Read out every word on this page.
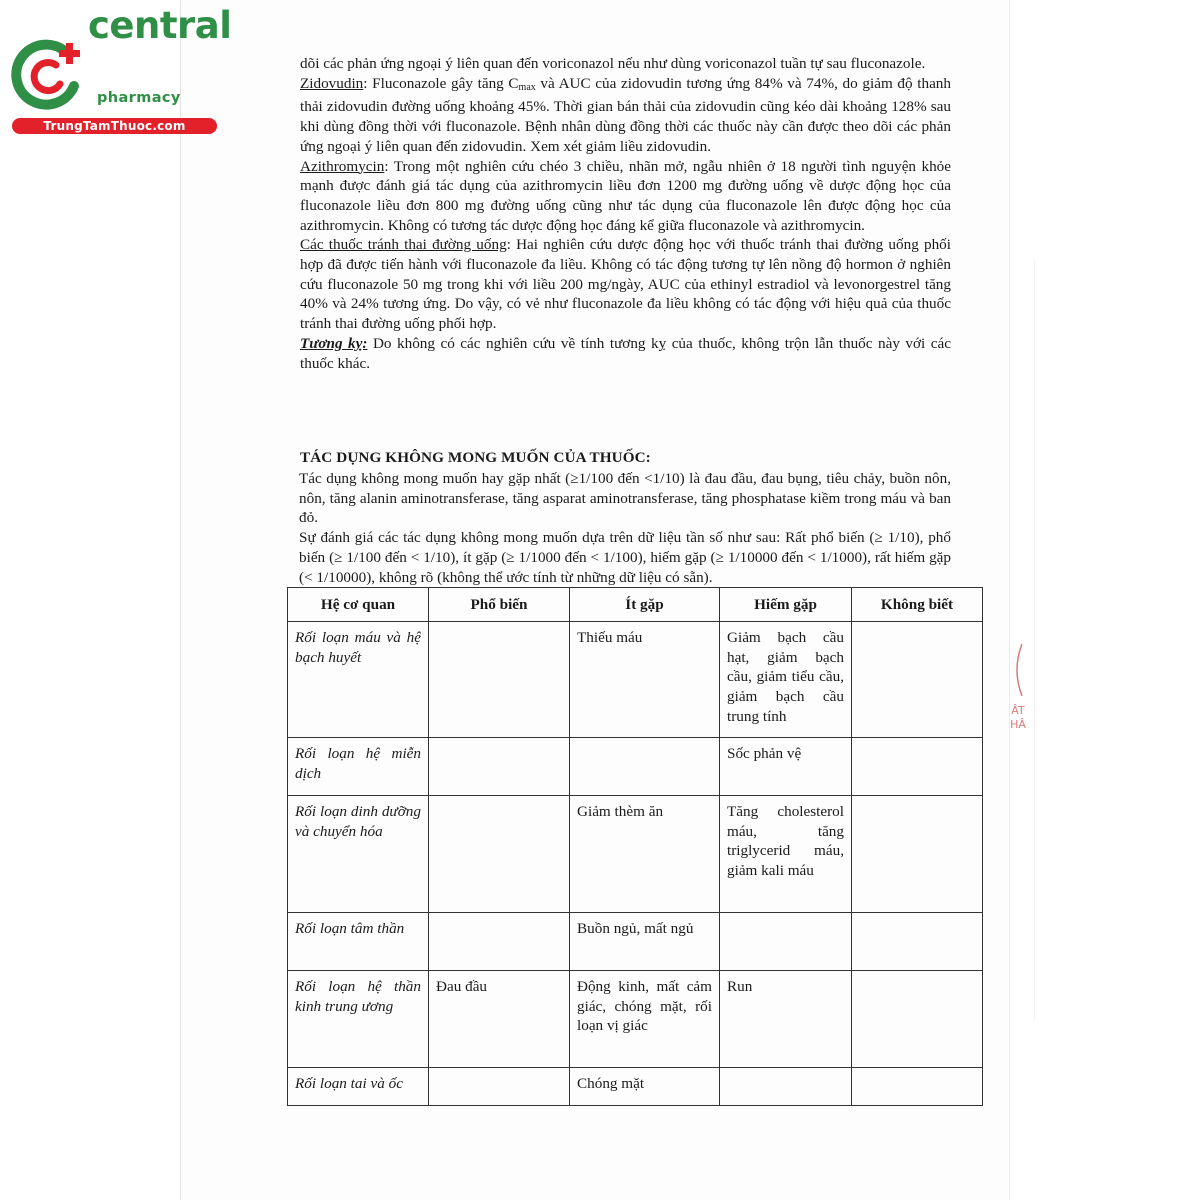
central
pharmacy
TrungTamThuoc.com

dõi các phản ứng ngoại ý liên quan đến voriconazol nếu như dùng voriconazol tuần tự sau fluconazole.

Zidovudin: Fluconazole gây tăng $C_{max}$ và AUC của zidovudin tương ứng 84% và 74%, do giảm độ thanh thải zidovudin đường uống khoảng 45%. Thời gian bán thải của zidovudin cũng kéo dài khoảng 128% sau khi dùng đồng thời với fluconazole. Bệnh nhân dùng đồng thời các thuốc này cần được theo dõi các phản ứng ngoại ý liên quan đến zidovudin. Xem xét giảm liều zidovudin.

Azithromycin: Trong một nghiên cứu chéo 3 chiều, nhãn mở, ngẫu nhiên ở 18 người tình nguyện khỏe mạnh được đánh giá tác dụng của azithromycin liều đơn 1200 mg đường uống về dược động học của fluconazole liều đơn 800 mg đường uống cũng như tác dụng của fluconazole lên được động học của azithromycin. Không có tương tác dược động học đáng kể giữa fluconazole và azithromycin.

Các thuốc tránh thai đường uống: Hai nghiên cứu dược động học với thuốc tránh thai đường uống phối hợp đã được tiến hành với fluconazole đa liều. Không có tác động tương tự lên nồng độ hormon ở nghiên cứu fluconazole 50 mg trong khi với liều 200 mg/ngày, AUC của ethinyl estradiol và levonorgestrel tăng 40% và 24% tương ứng. Do vậy, có vẻ như fluconazole đa liều không có tác động với hiệu quả của thuốc tránh thai đường uống phối hợp.

Tương kỵ: Do không có các nghiên cứu về tính tương kỵ của thuốc, không trộn lẫn thuốc này với các thuốc khác.

TÁC DỤNG KHÔNG MONG MUỐN CỦA THUỐC:

Tác dụng không mong muốn hay gặp nhất (≥1/100 đến <1/10) là đau đầu, đau bụng, tiêu chảy, buồn nôn, nôn, tăng alanin aminotransferase, tăng asparat aminotransferase, tăng phosphatase kiềm trong máu và ban đỏ.

Sự đánh giá các tác dụng không mong muốn dựa trên dữ liệu tần số như sau: Rất phổ biến (≥ 1/10), phổ biến (≥ 1/100 đến < 1/10), ít gặp (≥ 1/1000 đến < 1/100), hiếm gặp (≥ 1/10000 đến < 1/1000), rất hiếm gặp (< 1/10000), không rõ (không thể ước tính từ những dữ liệu có sẵn).

Hệ cơ quan	Phổ biến	Ít gặp	Hiếm gặp	Không biết
Rối loạn máu và hệ bạch huyết		Thiếu máu	Giảm bạch cầu hạt, giảm bạch cầu, giảm tiểu cầu, giảm bạch cầu trung tính	
Rối loạn hệ miễn dịch			Sốc phản vệ	
Rối loạn dinh dưỡng và chuyển hóa		Giảm thèm ăn	Tăng cholesterol máu, tăng triglycerid máu, giảm kali máu	
Rối loạn tâm thần		Buồn ngủ, mất ngủ		
Rối loạn hệ thần kinh trung ương	Đau đầu	Động kinh, mất cảm giác, chóng mặt, rối loạn vị giác	Run	
Rối loạn tai và ốc		Chóng mặt		
ÂT HÂ
